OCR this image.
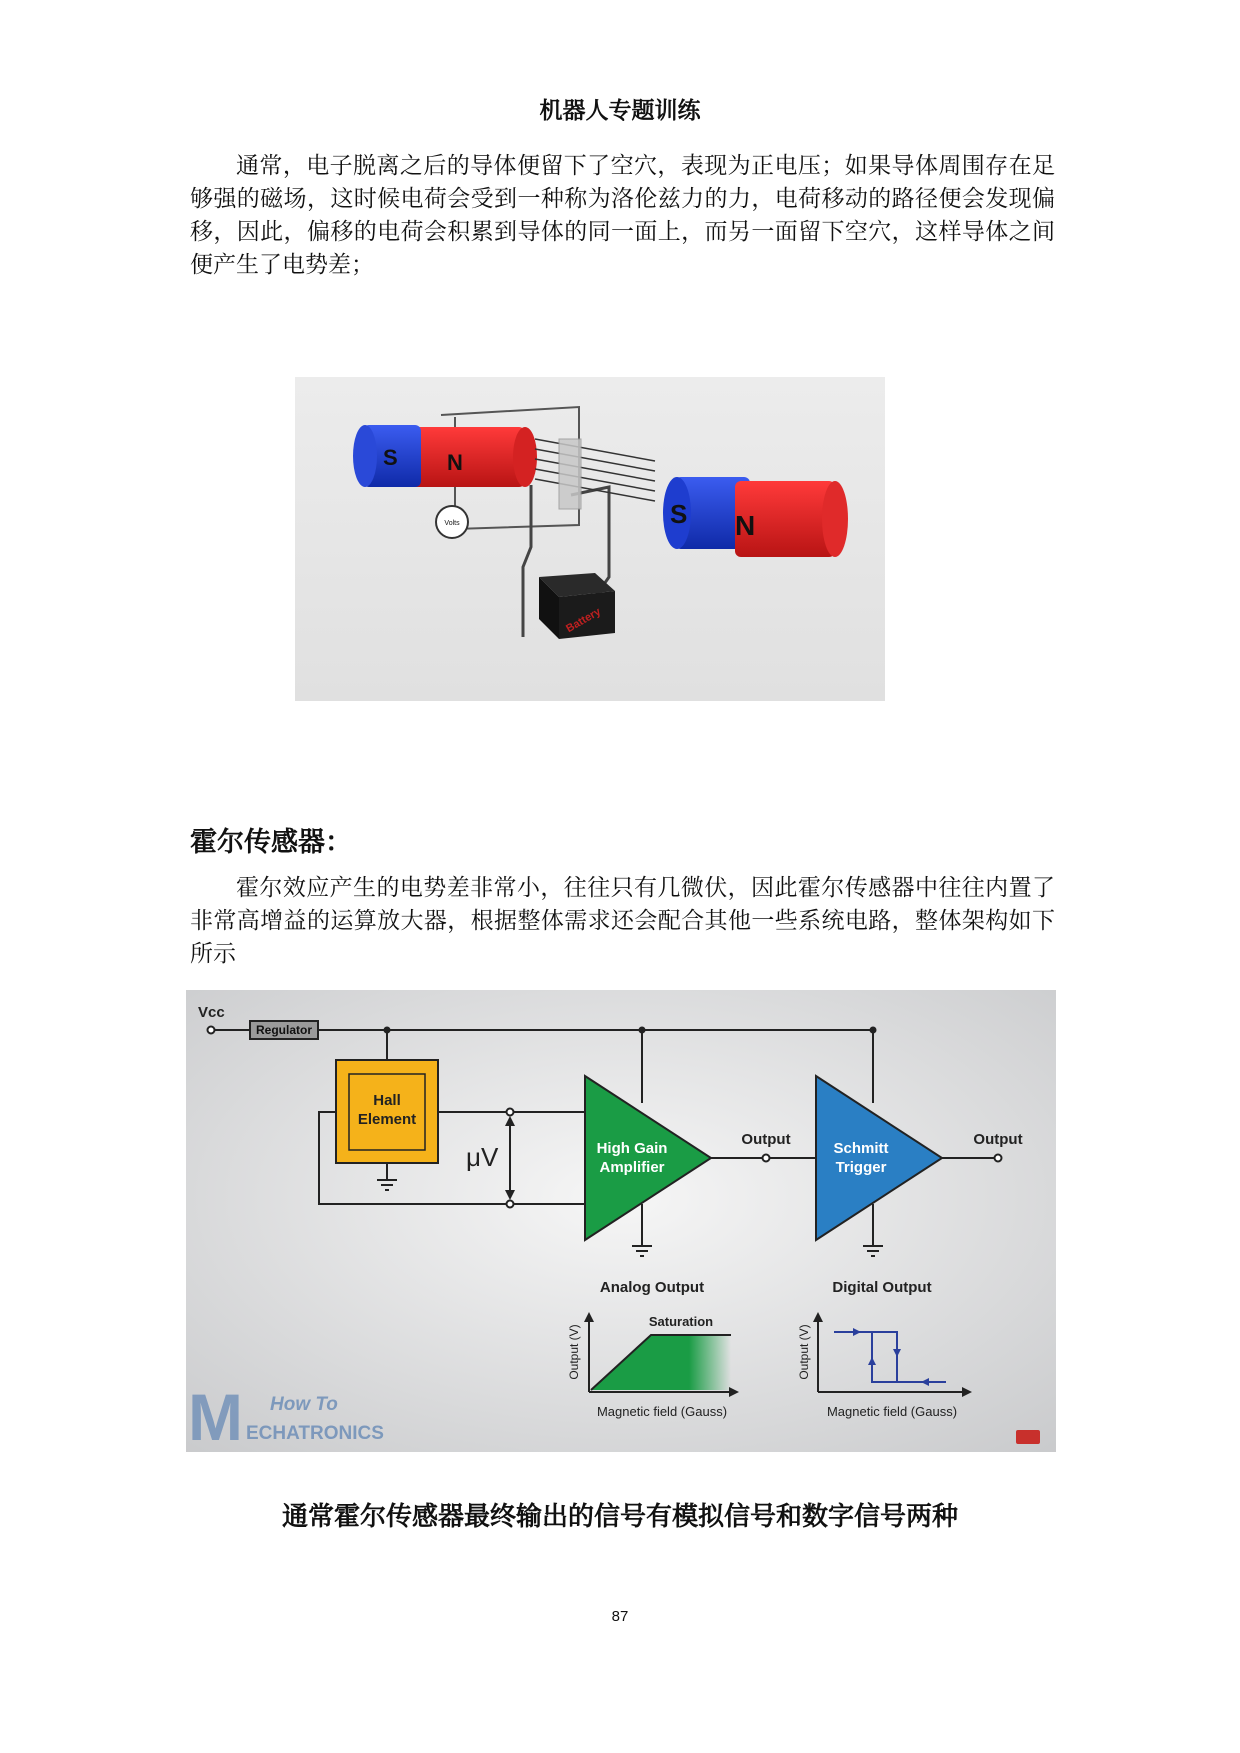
机器人专题训练

通常，电子脱离之后的导体便留下了空穴，表现为正电压；如果导体周围存在足够强的磁场，这时候电荷会受到一种称为洛伦兹力的力，电荷移动的路径便会发现偏移，因此，偏移的电荷会积累到导体的同一面上，而另一面留下空穴，这样导体之间便产生了电势差；

S N
S N
Volts
Battery
霍尔传感器：

霍尔效应产生的电势差非常小，往往只有几微伏，因此霍尔传感器中往往内置了非常高增益的运算放大器，根据整体需求还会配合其他一些系统电路，整体架构如下所示

Vcc
Regulator
Hall
Element
μV	High Gain
Amplifier
Output
Schmitt
Trigger
Output
Analog Output
Saturation
Output (V)
Magnetic field (Gauss)
Digital Output
Output (V)
Magnetic field (Gauss)
M How To
ECHATRONICS
通常霍尔传感器最终输出的信号有模拟信号和数字信号两种
87
